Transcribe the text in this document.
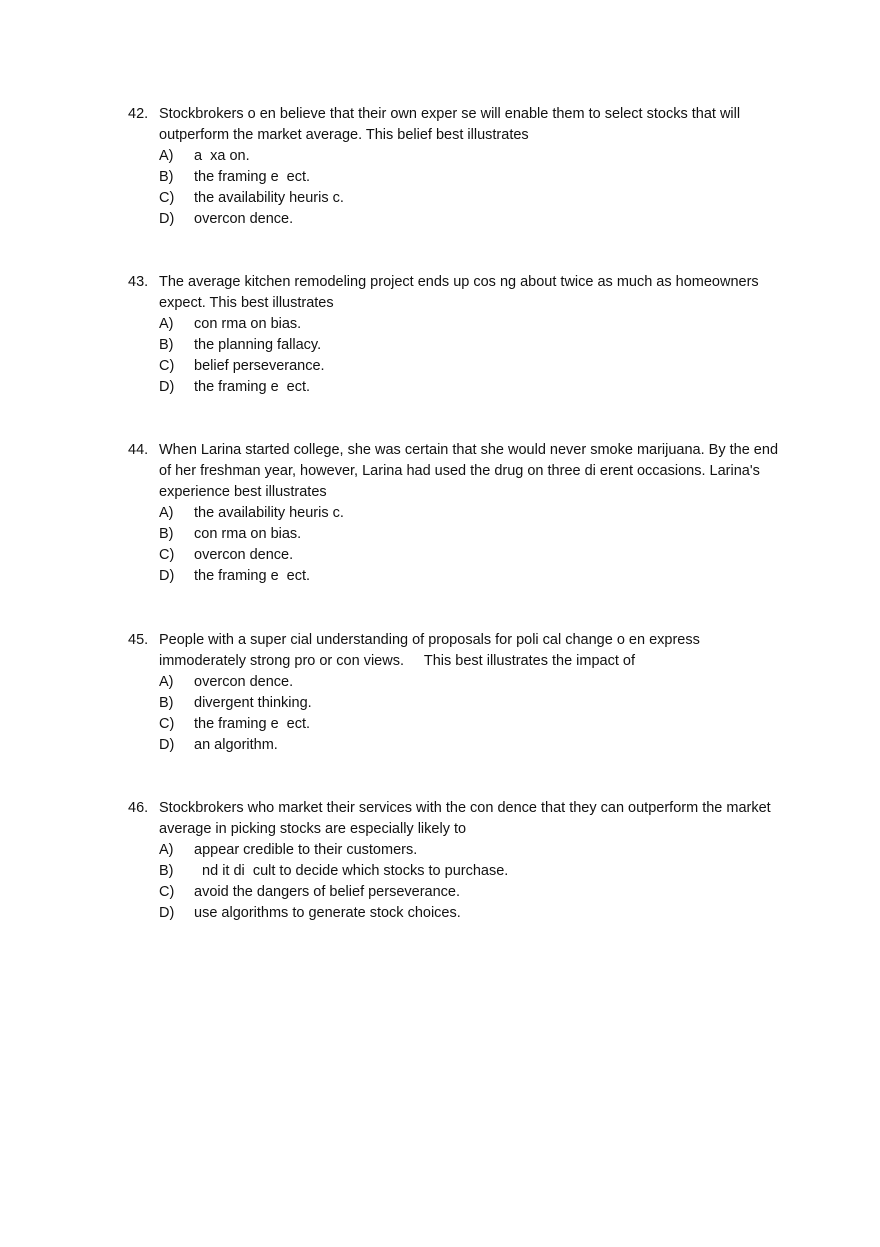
42. Stockbrokers o en believe that their own exper se will enable them to select stocks that will outperform the market average. This belief best illustrates
A)	a  xa on.
B)	the framing e  ect.
C)	the availability heuris c.
D)	overcon dence.
43. The average kitchen remodeling project ends up cos ng about twice as much as homeowners expect. This best illustrates
A)	con rma on bias.
B)	the planning fallacy.
C)	belief perseverance.
D)	the framing e  ect.
44. When Larina started college, she was certain that she would never smoke marijuana. By the end of her freshman year, however, Larina had used the drug on three di erent occasions. Larina's experience best illustrates
A)	the availability heuris c.
B)	con rma on bias.
C)	overcon dence.
D)	the framing e  ect.
45. People with a super cial understanding of proposals for poli cal change o en express immoderately strong pro or con views.     This best illustrates the impact of
A)	overcon dence.
B)	divergent thinking.
C)	the framing e  ect.
D)	an algorithm.
46. Stockbrokers who market their services with the con dence that they can outperform the market average in picking stocks are especially likely to
A)	appear credible to their customers.
B)	nd it di  cult to decide which stocks to purchase.
C)	avoid the dangers of belief perseverance.
D)	use algorithms to generate stock choices.
